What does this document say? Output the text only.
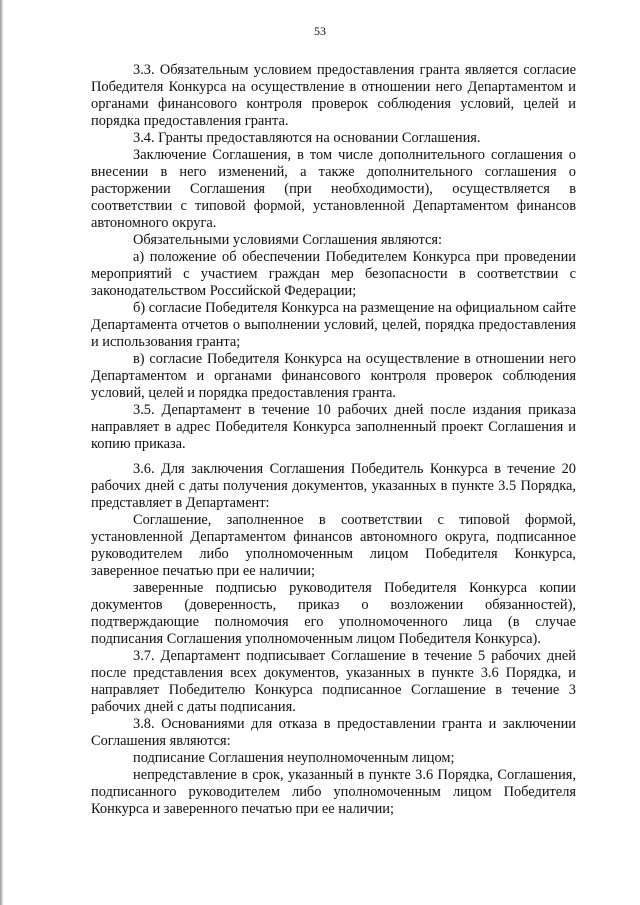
53

3.3. Обязательным условием предоставления гранта является согласие Победителя Конкурса на осуществление в отношении него Департаментом и органами финансового контроля проверок соблюдения условий, целей и порядка предоставления гранта.

3.4. Гранты предоставляются на основании Соглашения.

Заключение Соглашения, в том числе дополнительного соглашения о внесении в него изменений, а также дополнительного соглашения о расторжении Соглашения (при необходимости), осуществляется в соответствии с типовой формой, установленной Департаментом финансов автономного округа.

Обязательными условиями Соглашения являются:

а) положение об обеспечении Победителем Конкурса при проведении мероприятий с участием граждан мер безопасности в соответствии с законодательством Российской Федерации;

б) согласие Победителя Конкурса на размещение на официальном сайте Департамента отчетов о выполнении условий, целей, порядка предоставления и использования гранта;

в) согласие Победителя Конкурса на осуществление в отношении него Департаментом и органами финансового контроля проверок соблюдения условий, целей и порядка предоставления гранта.

3.5. Департамент в течение 10 рабочих дней после издания приказа направляет в адрес Победителя Конкурса заполненный проект Соглашения и копию приказа.

3.6. Для заключения Соглашения Победитель Конкурса в течение 20 рабочих дней с даты получения документов, указанных в пункте 3.5 Порядка, представляет в Департамент:

Соглашение, заполненное в соответствии с типовой формой, установленной Департаментом финансов автономного округа, подписанное руководителем либо уполномоченным лицом Победителя Конкурса, заверенное печатью при ее наличии;

заверенные подписью руководителя Победителя Конкурса копии документов (доверенность, приказ о возложении обязанностей), подтверждающие полномочия его уполномоченного лица (в случае подписания Соглашения уполномоченным лицом Победителя Конкурса).

3.7. Департамент подписывает Соглашение в течение 5 рабочих дней после представления всех документов, указанных в пункте 3.6 Порядка, и направляет Победителю Конкурса подписанное Соглашение в течение 3 рабочих дней с даты подписания.

3.8. Основаниями для отказа в предоставлении гранта и заключении Соглашения являются:

подписание Соглашения неуполномоченным лицом;

непредставление в срок, указанный в пункте 3.6 Порядка, Соглашения, подписанного руководителем либо уполномоченным лицом Победителя Конкурса и заверенного печатью при ее наличии;
